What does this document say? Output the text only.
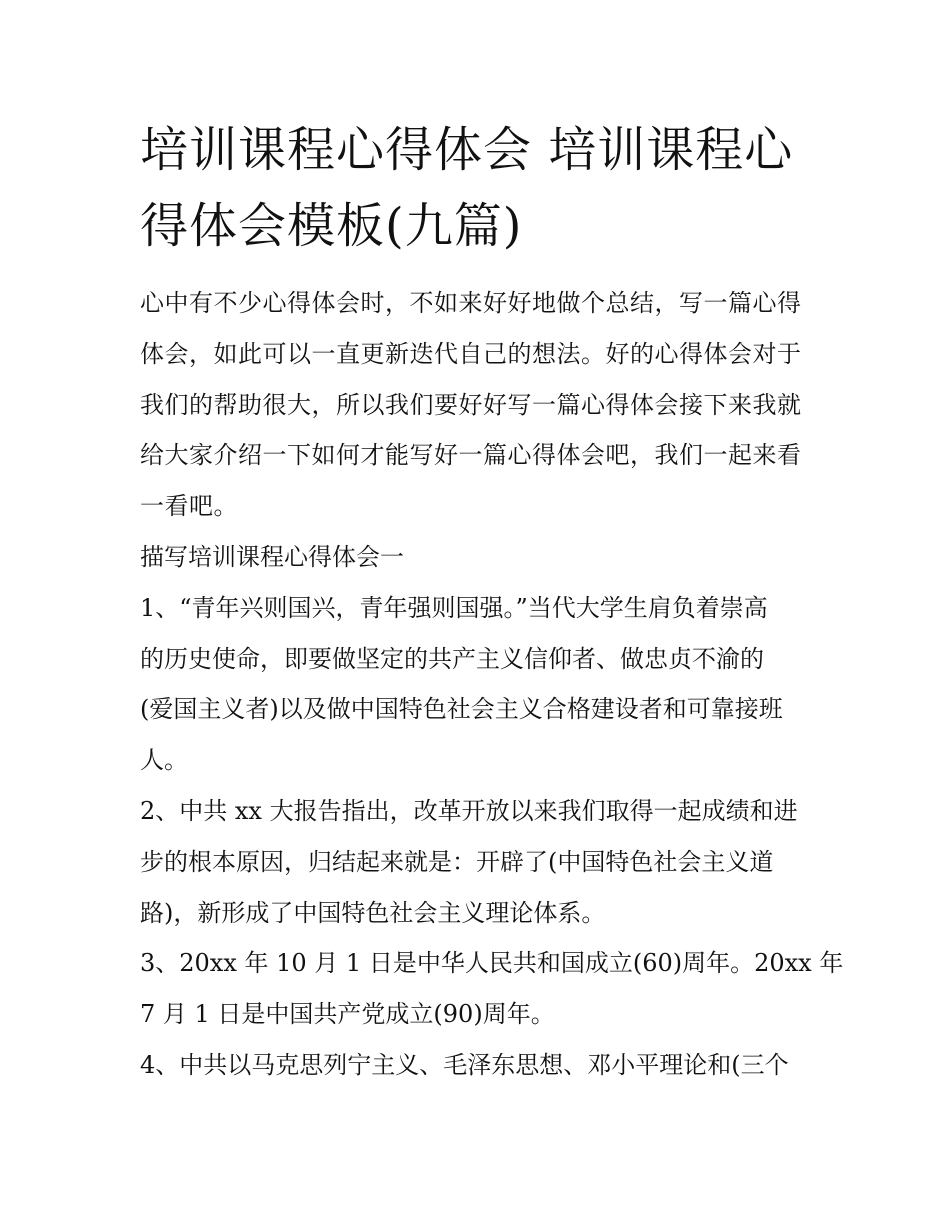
培训课程心得体会 培训课程心
得体会模板(九篇)

心中有不少心得体会时，不如来好好地做个总结，写一篇心得
体会，如此可以一直更新迭代自己的想法。好的心得体会对于
我们的帮助很大，所以我们要好好写一篇心得体会接下来我就
给大家介绍一下如何才能写好一篇心得体会吧，我们一起来看
一看吧。

描写培训课程心得体会一

1、“青年兴则国兴，青年强则国强。”当代大学生肩负着崇高
的历史使命，即要做坚定的共产主义信仰者、做忠贞不渝的
(爱国主义者)以及做中国特色社会主义合格建设者和可靠接班
人。

2、中共 xx 大报告指出，改革开放以来我们取得一起成绩和进
步的根本原因，归结起来就是：开辟了(中国特色社会主义道
路)，新形成了中国特色社会主义理论体系。

3、20xx 年 10 月 1 日是中华人民共和国成立(60)周年。20xx 年
7 月 1 日是中国共产党成立(90)周年。

4、中共以马克思列宁主义、毛泽东思想、邓小平理论和(三个
